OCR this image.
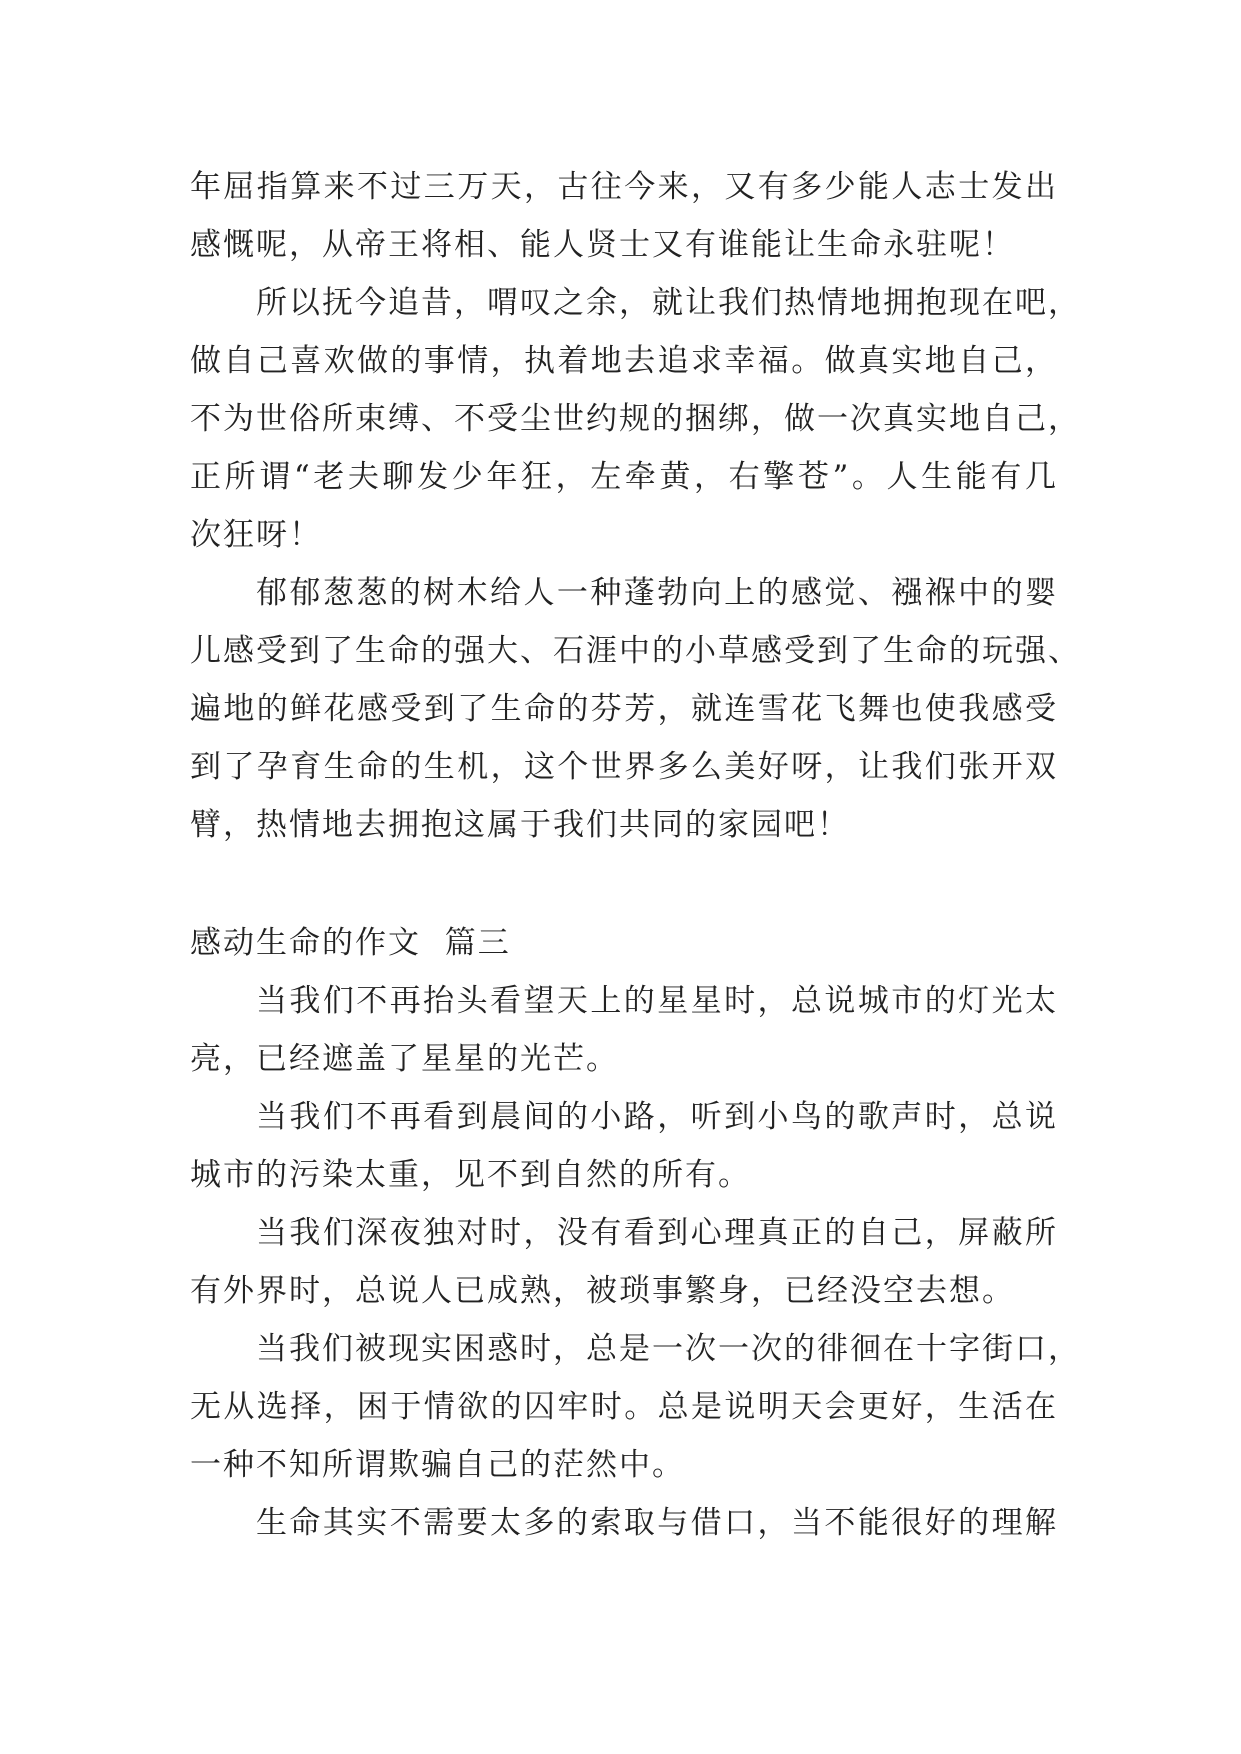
年屈指算来不过三万天，古往今来，又有多少能人志士发出
感慨呢，从帝王将相、能人贤士又有谁能让生命永驻呢！
所以抚今追昔，喟叹之余，就让我们热情地拥抱现在吧，
做自己喜欢做的事情，执着地去追求幸福。做真实地自己，
不为世俗所束缚、不受尘世约规的捆绑，做一次真实地自己，
正所谓“老夫聊发少年狂，左牵黄，右擎苍”。人生能有几
次狂呀！
郁郁葱葱的树木给人一种蓬勃向上的感觉、襁褓中的婴
儿感受到了生命的强大、石涯中的小草感受到了生命的玩强、
遍地的鲜花感受到了生命的芬芳，就连雪花飞舞也使我感受
到了孕育生命的生机，这个世界多么美好呀，让我们张开双
臂，热情地去拥抱这属于我们共同的家园吧！
感动生命的作文  篇三
当我们不再抬头看望天上的星星时，总说城市的灯光太
亮，已经遮盖了星星的光芒。
当我们不再看到晨间的小路，听到小鸟的歌声时，总说
城市的污染太重，见不到自然的所有。
当我们深夜独对时，没有看到心理真正的自己，屏蔽所
有外界时，总说人已成熟，被琐事繁身，已经没空去想。
当我们被现实困惑时，总是一次一次的徘徊在十字街口，
无从选择，困于情欲的囚牢时。总是说明天会更好，生活在
一种不知所谓欺骗自己的茫然中。
生命其实不需要太多的索取与借口，当不能很好的理解
